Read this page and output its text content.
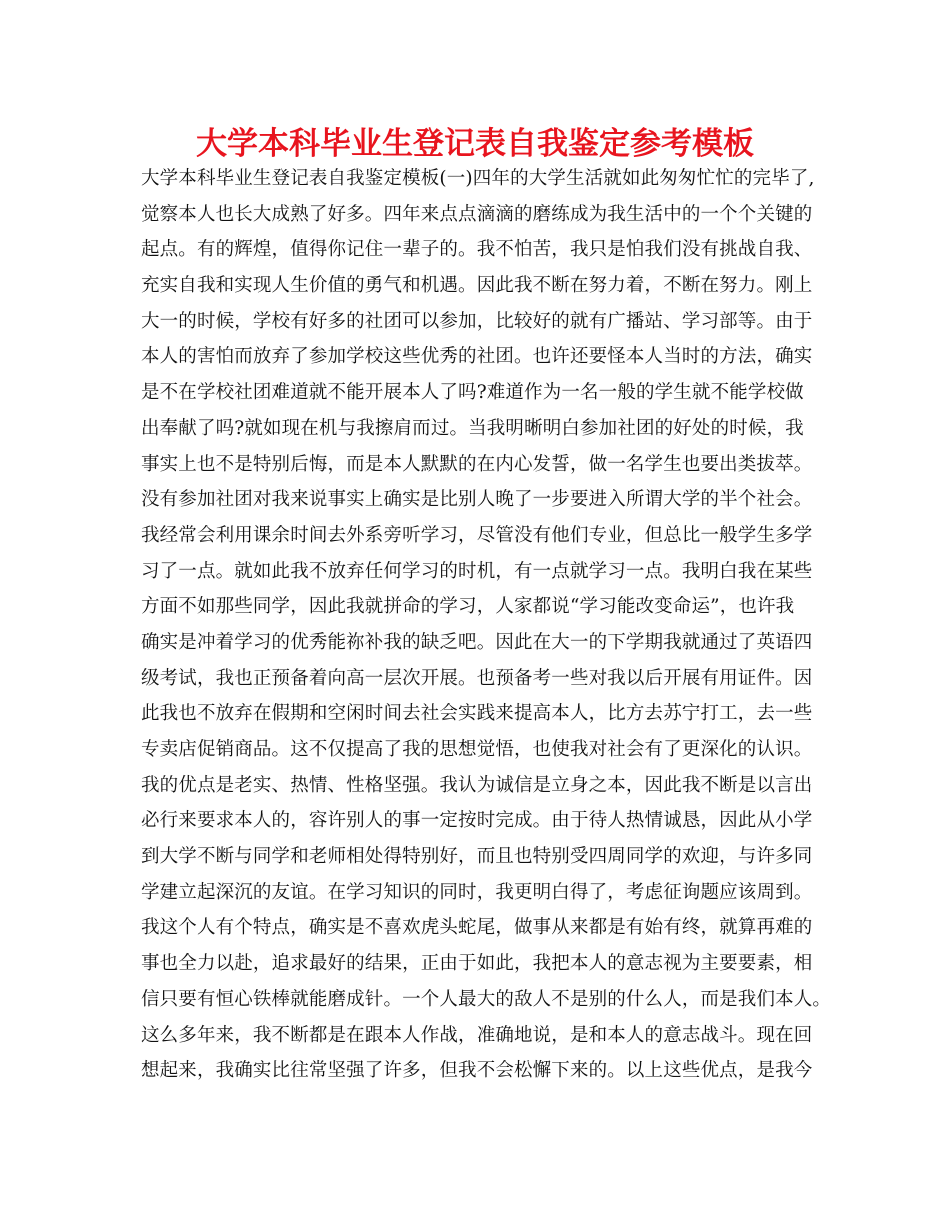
大学本科毕业生登记表自我鉴定参考模板
大学本科毕业生登记表自我鉴定模板(一)四年的大学生活就如此匆匆忙忙的完毕了,
觉察本人也长大成熟了好多。四年来点点滴滴的磨练成为我生活中的一个个关键的
起点。有的辉煌，值得你记住一辈子的。我不怕苦，我只是怕我们没有挑战自我、
充实自我和实现人生价值的勇气和机遇。因此我不断在努力着，不断在努力。刚上
大一的时候，学校有好多的社团可以参加，比较好的就有广播站、学习部等。由于
本人的害怕而放弃了参加学校这些优秀的社团。也许还要怪本人当时的方法，确实
是不在学校社团难道就不能开展本人了吗?难道作为一名一般的学生就不能学校做
出奉献了吗?就如现在机与我擦肩而过。当我明晰明白参加社团的好处的时候，我
事实上也不是特别后悔，而是本人默默的在内心发誓，做一名学生也要出类拔萃。
没有参加社团对我来说事实上确实是比别人晚了一步要进入所谓大学的半个社会。
我经常会利用课余时间去外系旁听学习，尽管没有他们专业，但总比一般学生多学
习了一点。就如此我不放弃任何学习的时机，有一点就学习一点。我明白我在某些
方面不如那些同学，因此我就拼命的学习，人家都说“学习能改变命运”，也许我
确实是冲着学习的优秀能祢补我的缺乏吧。因此在大一的下学期我就通过了英语四
级考试，我也正预备着向高一层次开展。也预备考一些对我以后开展有用证件。因
此我也不放弃在假期和空闲时间去社会实践来提高本人，比方去苏宁打工，去一些
专卖店促销商品。这不仅提高了我的思想觉悟，也使我对社会有了更深化的认识。
我的优点是老实、热情、性格坚强。我认为诚信是立身之本，因此我不断是以言出
必行来要求本人的，容许别人的事一定按时完成。由于待人热情诚恳，因此从小学
到大学不断与同学和老师相处得特别好，而且也特别受四周同学的欢迎，与许多同
学建立起深沉的友谊。在学习知识的同时，我更明白得了，考虑征询题应该周到。
我这个人有个特点，确实是不喜欢虎头蛇尾，做事从来都是有始有终，就算再难的
事也全力以赴，追求最好的结果，正由于如此，我把本人的意志视为主要要素，相
信只要有恒心铁棒就能磨成针。一个人最大的敌人不是别的什么人，而是我们本人。
这么多年来，我不断都是在跟本人作战，准确地说，是和本人的意志战斗。现在回
想起来，我确实比往常坚强了许多，但我不会松懈下来的。以上这些优点，是我今
